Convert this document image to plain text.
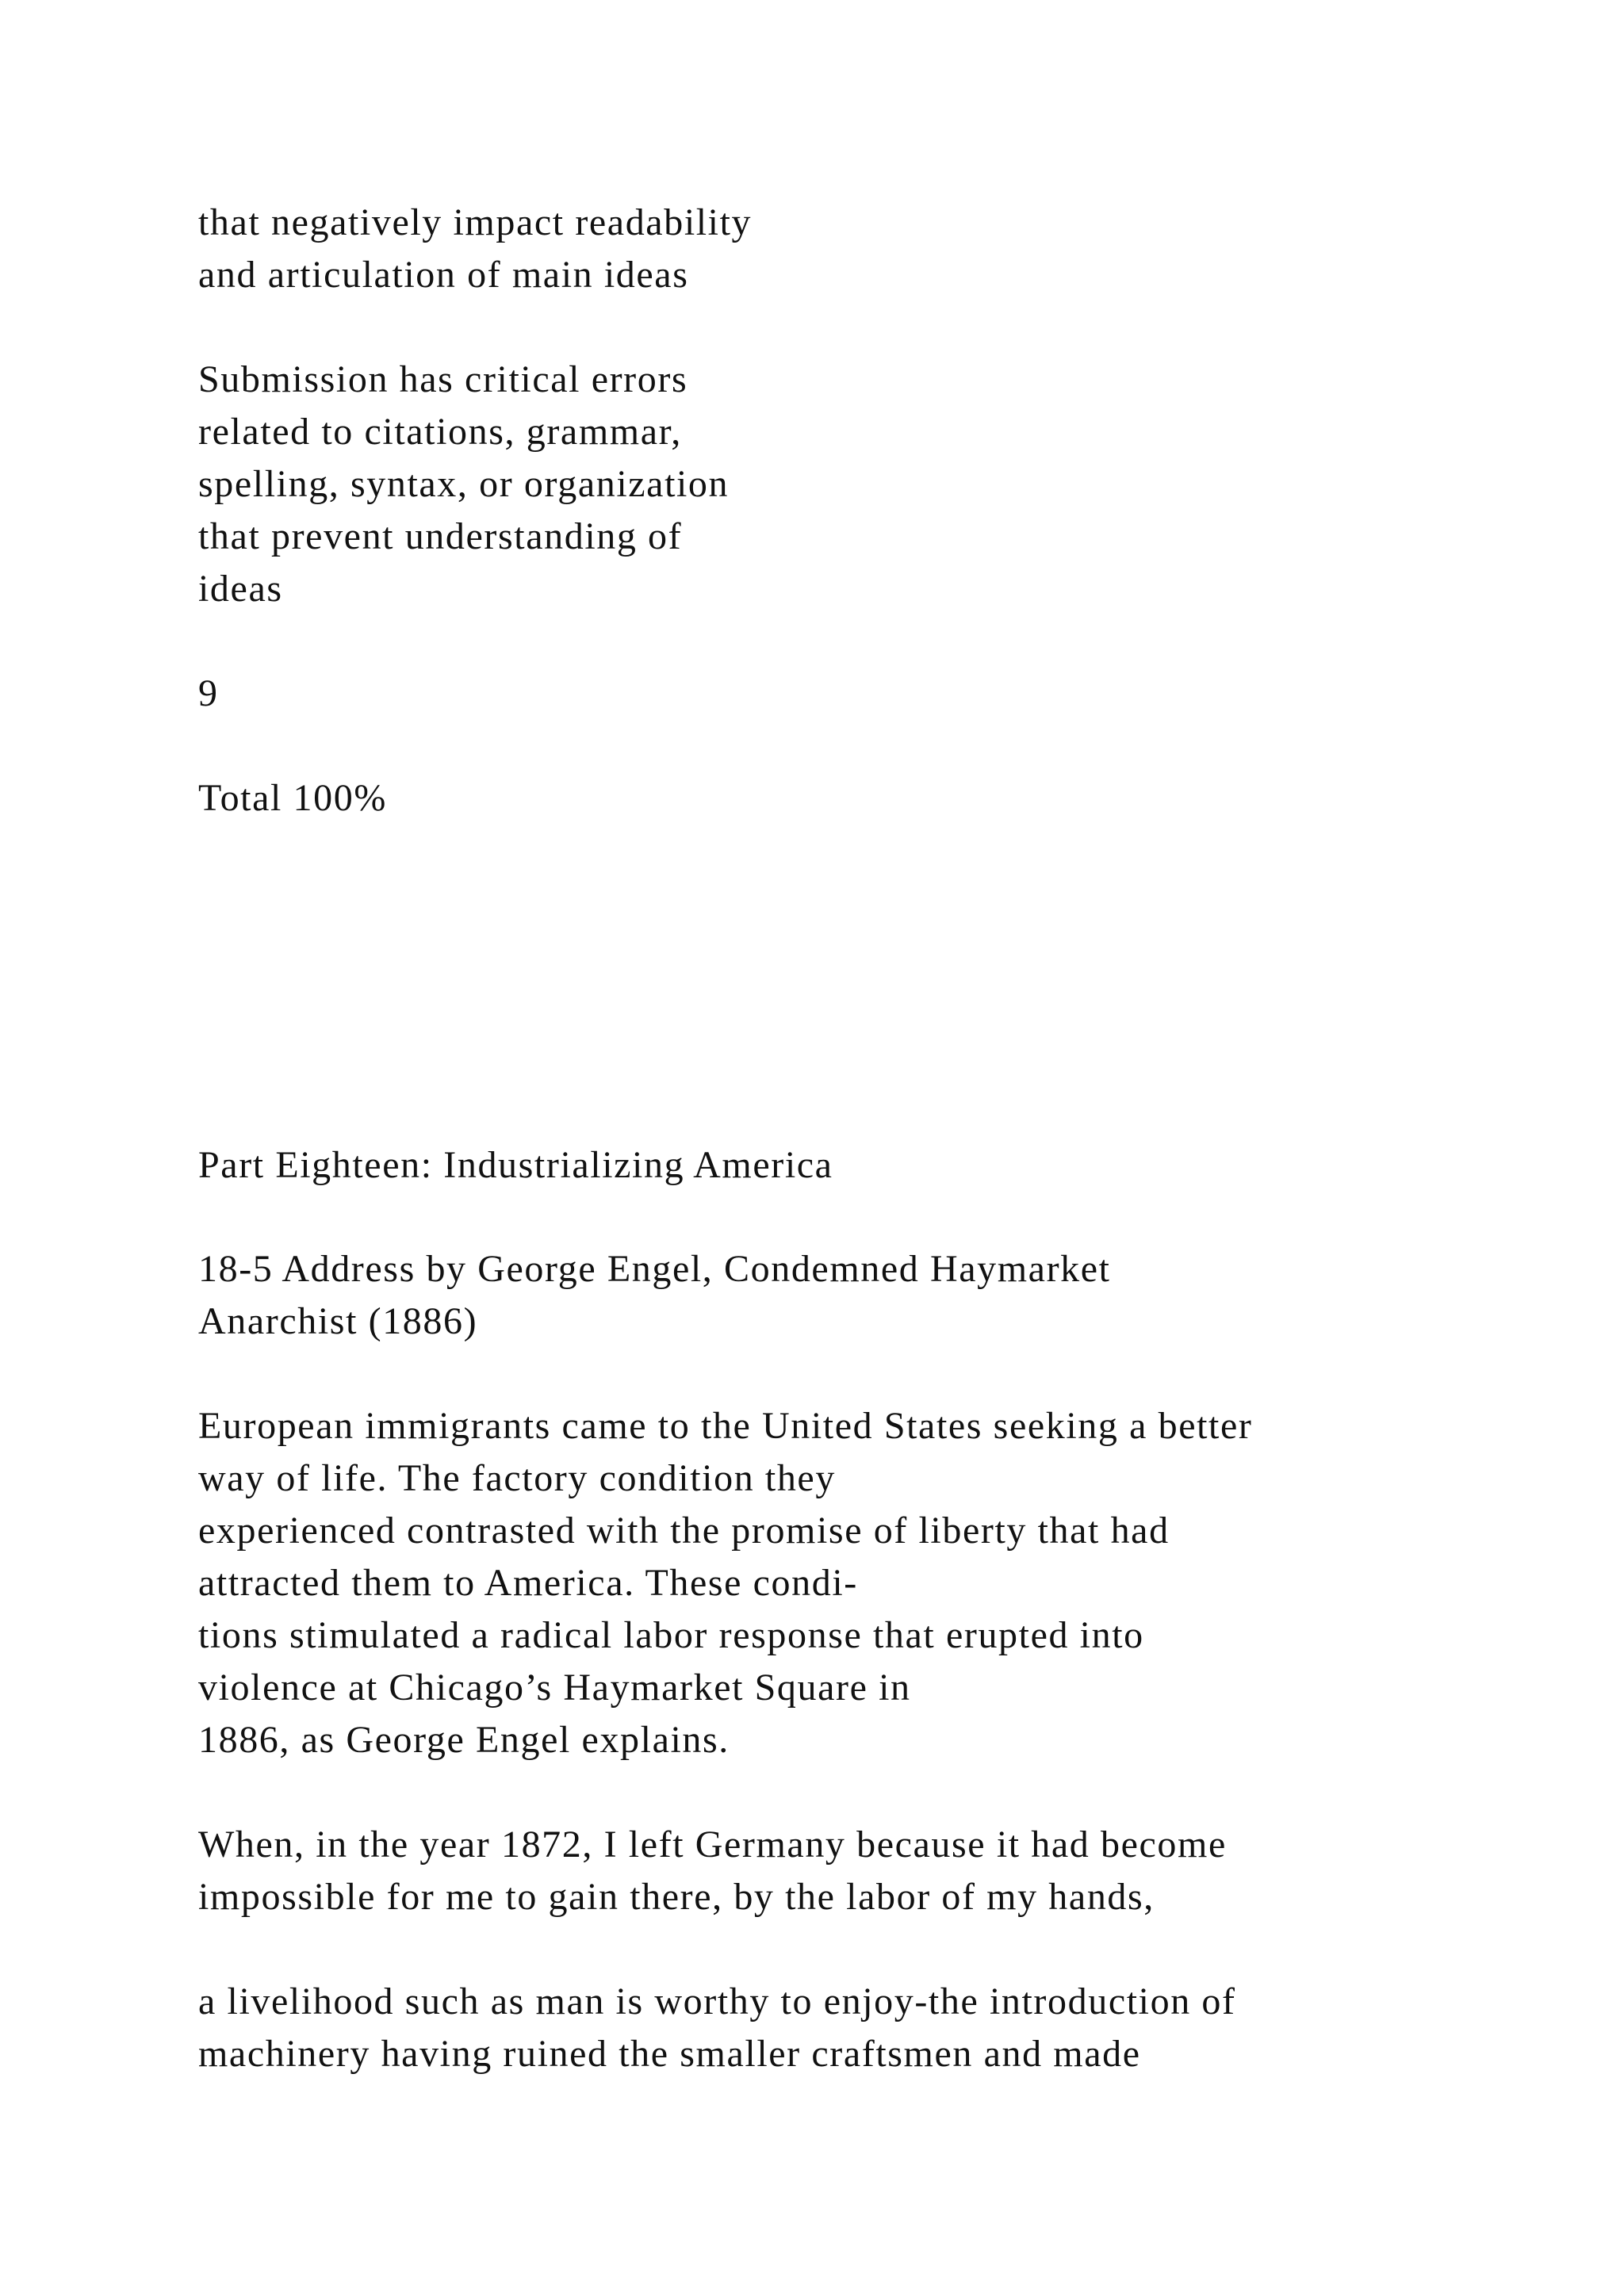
that negatively impact readability
and articulation of main ideas
Submission has critical errors
related to citations, grammar,
spelling, syntax, or organization
that prevent understanding of
ideas
9
Total 100%
Part Eighteen: Industrializing America
18-5 Address by George Engel, Condemned Haymarket
Anarchist (1886)
European immigrants came to the United States seeking a better
way of life. The factory condition they
experienced contrasted with the promise of liberty that had
attracted them to America. These condi-
tions stimulated a radical labor response that erupted into
violence at Chicago’s Haymarket Square in
1886, as George Engel explains.
When, in the year 1872, I left Germany because it had become
impossible for me to gain there, by the labor of my hands,
a livelihood such as man is worthy to enjoy-the introduction of
machinery having ruined the smaller craftsmen and made
